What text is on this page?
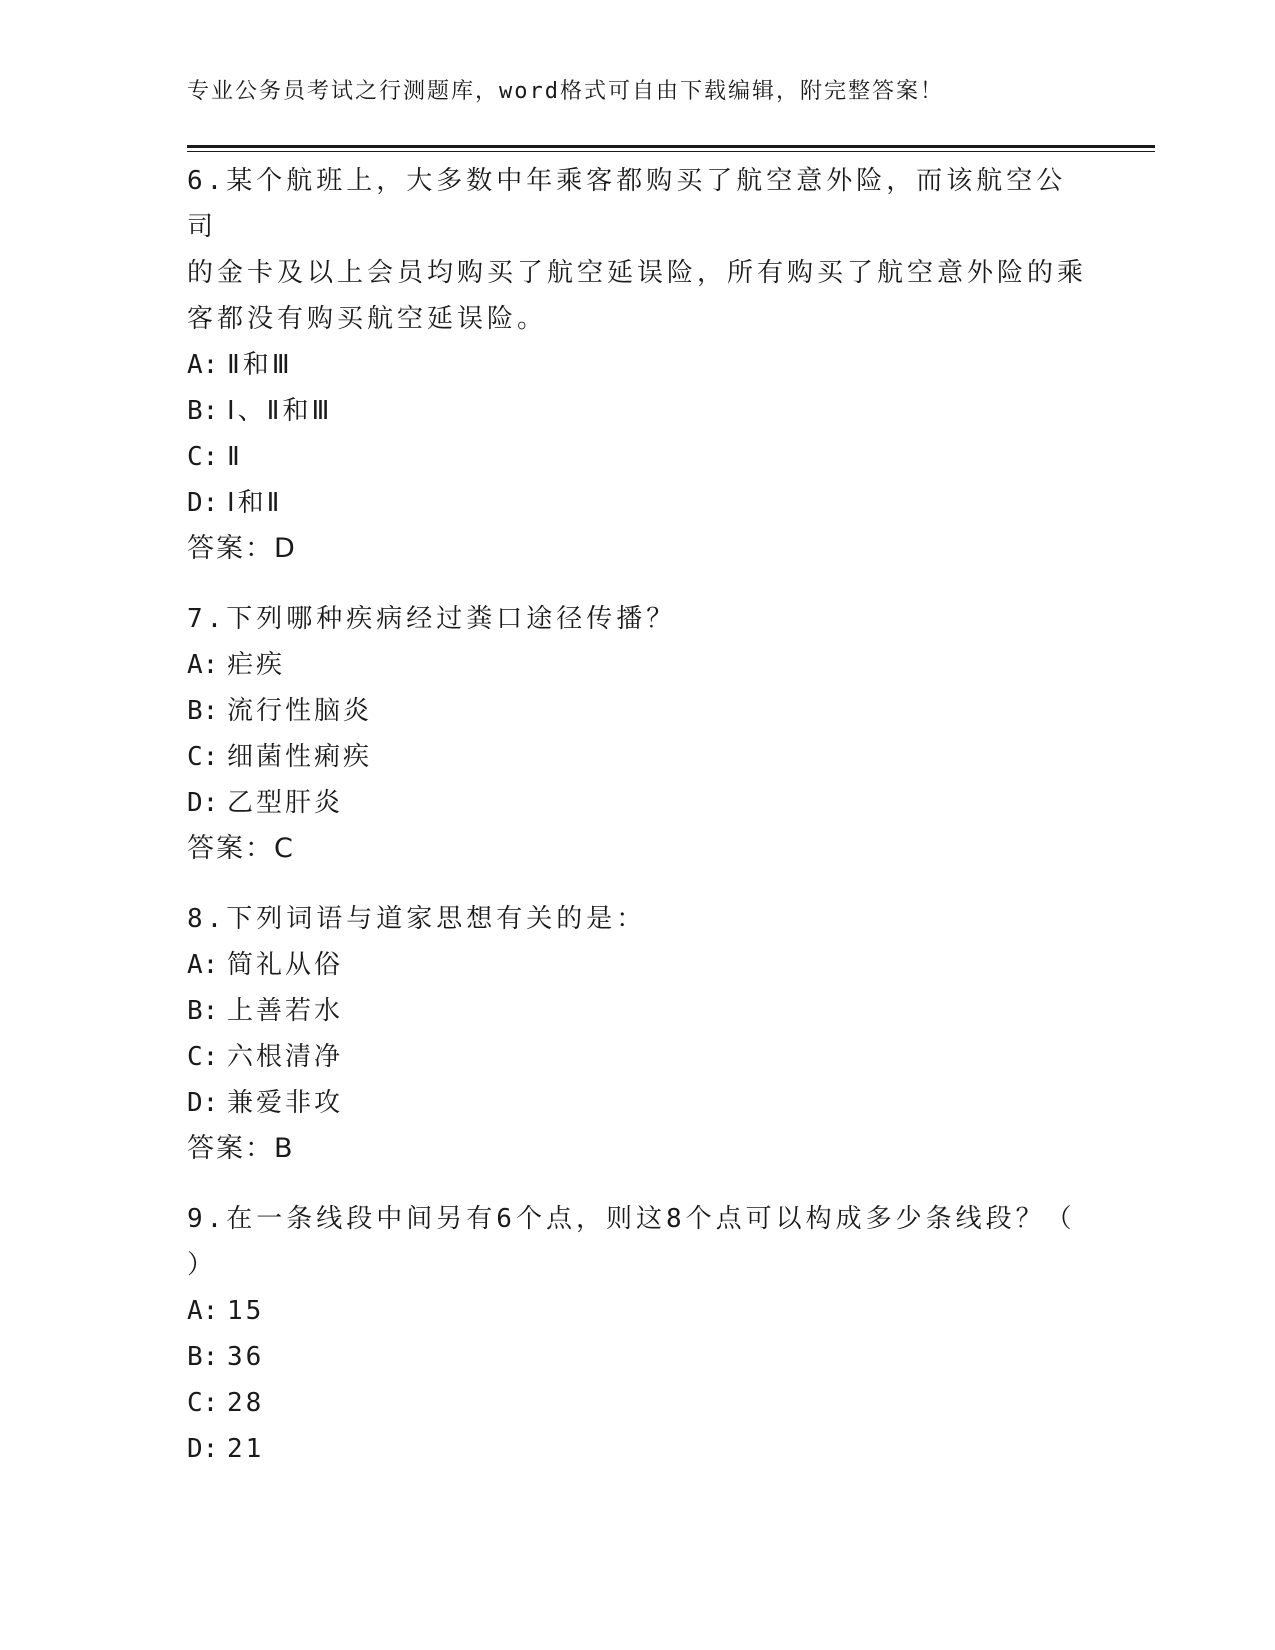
专业公务员考试之行测题库，word格式可自由下载编辑，附完整答案！
6.某个航班上，大多数中年乘客都购买了航空意外险，而该航空公司
的金卡及以上会员均购买了航空延误险，所有购买了航空意外险的乘
客都没有购买航空延误险。
A: Ⅱ和Ⅲ
B: Ⅰ、Ⅱ和Ⅲ
C: Ⅱ
D: Ⅰ和Ⅱ
答案：D
7.下列哪种疾病经过粪口途径传播？
A: 疟疾
B: 流行性脑炎
C: 细菌性痢疾
D: 乙型肝炎
答案：C
8.下列词语与道家思想有关的是：
A: 简礼从俗
B: 上善若水
C: 六根清净
D: 兼爱非攻
答案：B
9.在一条线段中间另有6个点，则这8个点可以构成多少条线段？（
）
A: 15
B: 36
C: 28
D: 21
